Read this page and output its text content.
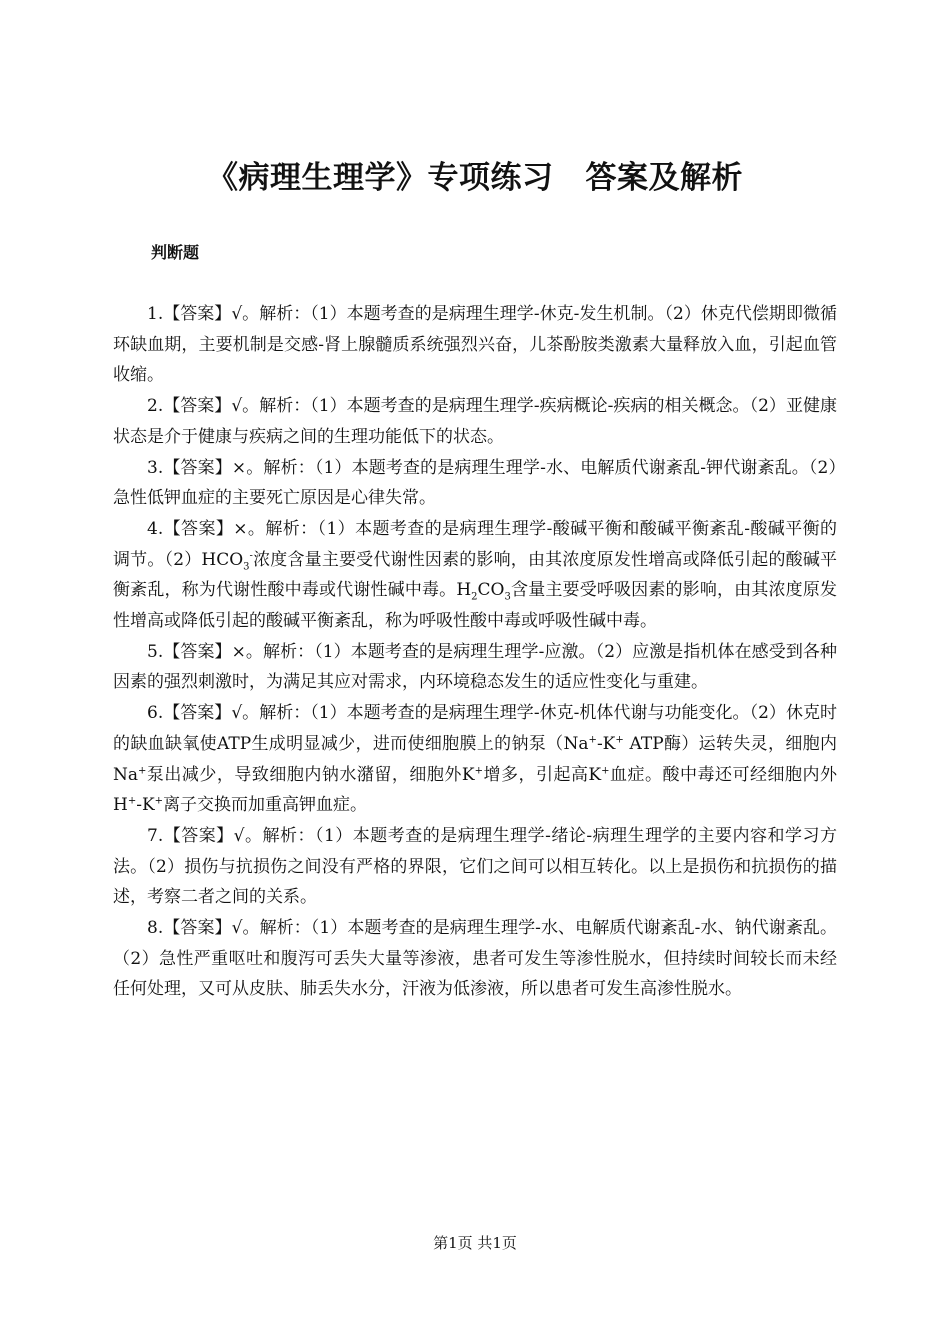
《病理生理学》专项练习 答案及解析
判断题

1.【答案】√。解析：（1）本题考查的是病理生理学-休克-发生机制。（2）休克代偿期即微循环缺血期，主要机制是交感-肾上腺髓质系统强烈兴奋，儿茶酚胺类激素大量释放入血，引起血管收缩。

2.【答案】√。解析：（1）本题考查的是病理生理学-疾病概论-疾病的相关概念。（2）亚健康状态是介于健康与疾病之间的生理功能低下的状态。

3.【答案】×。解析：（1）本题考查的是病理生理学-水、电解质代谢紊乱-钾代谢紊乱。（2）急性低钾血症的主要死亡原因是心律失常。

4.【答案】×。解析：（1）本题考查的是病理生理学-酸碱平衡和酸碱平衡紊乱-酸碱平衡的调节。$(2)HCO_3^-$浓度含量主要受代谢性因素的影响，由其浓度原发性增高或降低引起的酸碱平衡紊乱，称为代谢性酸中毒或代谢性碱中毒。$H_2CO_3$含量主要受呼吸因素的影响，由其浓度原发性增高或降低引起的酸碱平衡紊乱，称为呼吸性酸中毒或呼吸性碱中毒。

5.【答案】×。解析：（1）本题考查的是病理生理学-应激。（2）应激是指机体在感受到各种因素的强烈刺激时，为满足其应对需求，内环境稳态发生的适应性变化与重建。

6.【答案】√。解析：（1）本题考查的是病理生理学-休克-机体代谢与功能变化。（2）休克时的缺血缺氧使ATP生成明显减少，进而使细胞膜上的钠泵（Na+-K+ ATP酶）运转失灵，细胞内Na+泵出减少，导致细胞内钠水潴留，细胞外K+增多，引起高K+血症。酸中毒还可经细胞内外H+-K+离子交换而加重高钾血症。

7.【答案】√。解析：（1）本题考查的是病理生理学-绪论-病理生理学的主要内容和学习方法。（2）损伤与抗损伤之间没有严格的界限，它们之间可以相互转化。以上是损伤和抗损伤的描述，考察二者之间的关系。

8.【答案】√。解析：（1）本题考查的是病理生理学-水、电解质代谢紊乱-水、钠代谢紊乱。（2）急性严重呕吐和腹泻可丢失大量等渗液，患者可发生等渗性脱水，但持续时间较长而未经任何处理，又可从皮肤、肺丢失水分，汗液为低渗液，所以患者可发生高渗性脱水。

第1页 共1页
